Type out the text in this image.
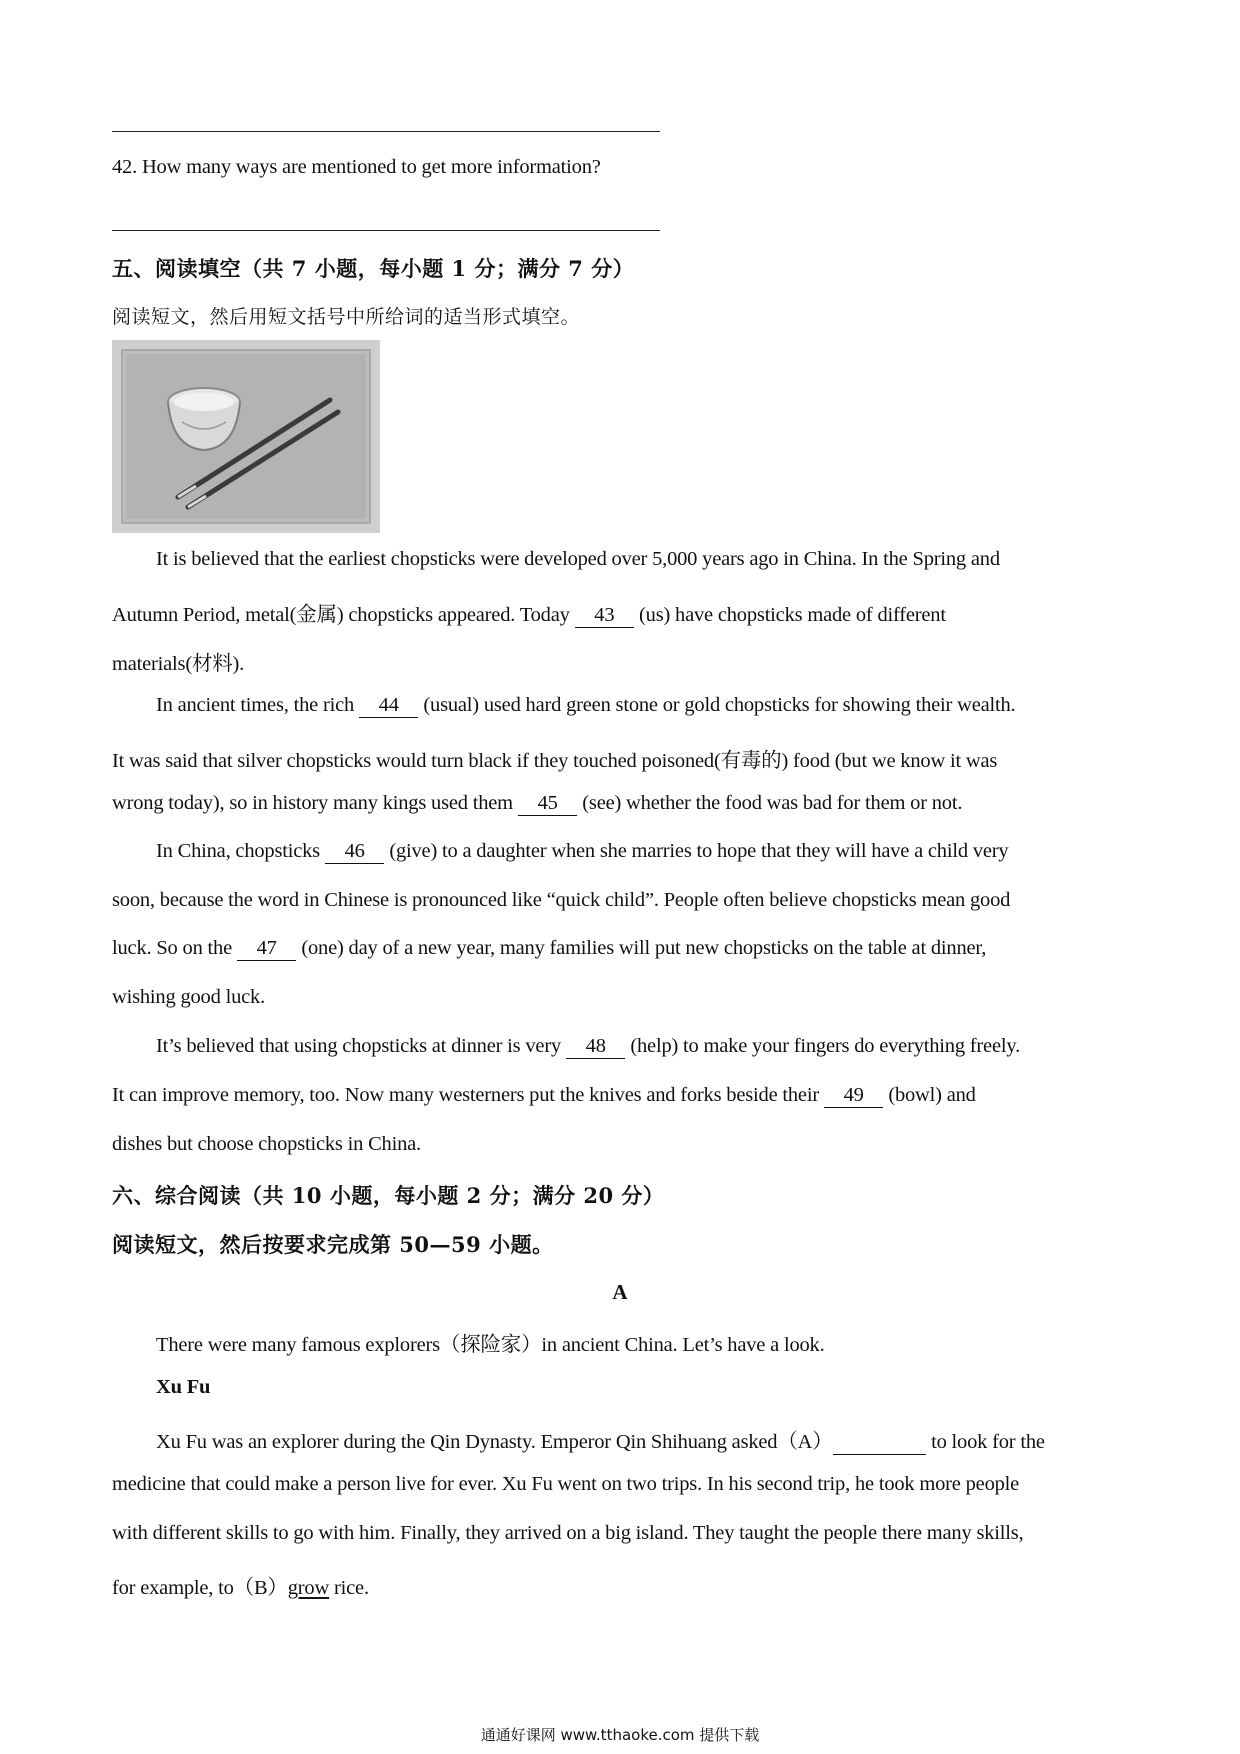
42. How many ways are mentioned to get more information?
五、阅读填空（共 7 小题，每小题 1 分；满分 7 分）
阅读短文，然后用短文括号中所给词的适当形式填空。
It is believed that the earliest chopsticks were developed over 5,000 years ago in China. In the Spring and
Autumn Period, metal(金属) chopsticks appeared. Today     43     (us) have chopsticks made of different
materials(材料).
In ancient times, the rich     44     (usual) used hard green stone or gold chopsticks for showing their wealth.
It was said that silver chopsticks would turn black if they touched poisoned(有毒的) food (but we know it was
wrong today), so in history many kings used them     45     (see) whether the food was bad for them or not.
In China, chopsticks     46     (give) to a daughter when she marries to hope that they will have a child very
soon, because the word in Chinese is pronounced like “quick child”. People often believe chopsticks mean good
luck. So on the     47     (one) day of a new year, many families will put new chopsticks on the table at dinner,
wishing good luck.
It’s believed that using chopsticks at dinner is very     48     (help) to make your fingers do everything freely.
It can improve memory, too. Now many westerners put the knives and forks beside their     49     (bowl) and
dishes but choose chopsticks in China.
六、综合阅读（共 10 小题，每小题 2 分；满分 20 分）
阅读短文，然后按要求完成第 50—59 小题。
A
There were many famous explorers（探险家）in ancient China. Let’s have a look.
Xu Fu
Xu Fu was an explorer during the Qin Dynasty. Emperor Qin Shihuang asked（A）	to look for the
medicine that could make a person live for ever. Xu Fu went on two trips. In his second trip, he took more people
with different skills to go with him. Finally, they arrived on a big island. They taught the people there many skills,
for example, to（B）grow rice.
通通好课网 www.tthaoke.com 提供下载
